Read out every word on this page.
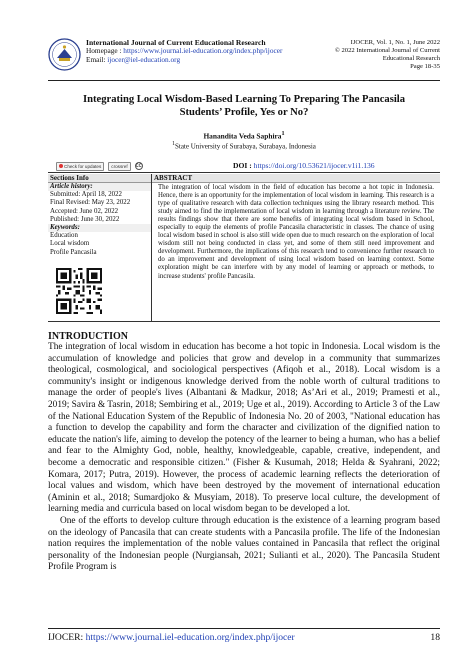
International Journal of Current Educational Research
Homepage : https://www.journal.iel-education.org/index.php/ijocer
Email: ijocer@iel-education.org
IJOCER, Vol. 1, No. 1, June 2022
© 2022 International Journal of Current
Educational Research
Page 18-35
Integrating Local Wisdom-Based Learning To Preparing The Pancasila
Students’ Profile, Yes or No?
Hanandita Veda Saphira$^1$
$^1$State University of Surabaya, Surabaya, Indonesia
Check for updates	crossref	cc	DOI : https://doi.org/10.53621/ijocer.v1i1.136
Sections Info
Article history:
Submitted: April 18, 2022
Final Revised: May 23, 2022
Accepted: June 02, 2022
Published: June 30, 2022
Keywords:
Education
Local wisdom
Profile Pancasila
ABSTRACT
The integration of local wisdom in the field of education has become a hot topic in Indonesia. Hence, there is an opportunity for the implementation of local wisdom in learning. This research is a type of qualitative research with data collection techniques using the library research method. This study aimed to find the implementation of local wisdom in learning through a literature review. The results findings show that there are some benefits of integrating local wisdom based in School, especially to equip the elements of profile Pancasila characteristic in classes. The chance of using local wisdom based in school is also still wide open due to much research on the exploration of local wisdom still not being conducted in class yet, and some of them still need improvement and development. Furthermore, the implications of this research tend to convenience further research to do an improvement and development of using local wisdom based on learning context. Some exploration might be can interfere with by any model of learning or approach or methods, to increase students' profile Pancasila.
INTRODUCTION

The integration of local wisdom in education has become a hot topic in Indonesia. Local wisdom is the accumulation of knowledge and policies that grow and develop in a community that summarizes theological, cosmological, and sociological perspectives (Afiqoh et al., 2018). Local wisdom is a community's insight or indigenous knowledge derived from the noble worth of cultural traditions to manage the order of people's lives (Albantani & Madkur, 2018; As’Ari et al., 2019; Pramesti et al., 2019; Savira & Tasrin, 2018; Sembiring et al., 2019; Uge et al., 2019). According to Article 3 of the Law of the National Education System of the Republic of Indonesia No. 20 of 2003, "National education has a function to develop the capability and form the character and civilization of the dignified nation to educate the nation's life, aiming to develop the potency of the learner to being a human, who has a belief and fear to the Almighty God, noble, healthy, knowledgeable, capable, creative, independent, and become a democratic and responsible citizen." (Fisher & Kusumah, 2018; Helda & Syahrani, 2022; Komara, 2017; Putra, 2019). However, the process of academic learning reflects the deterioration of local values and wisdom, which have been destroyed by the movement of international education (Aminin et al., 2018; Sumardjoko & Musyiam, 2018). To preserve local culture, the development of learning media and curricula based on local wisdom began to be developed a lot.

One of the efforts to develop culture through education is the existence of a learning program based on the ideology of Pancasila that can create students with a Pancasila profile. The life of the Indonesian nation requires the implementation of the noble values contained in Pancasila that reflect the original personality of the Indonesian people (Nurgiansah, 2021; Sulianti et al., 2020). The Pancasila Student Profile Program is

IJOCER: https://www.journal.iel-education.org/index.php/ijocer	18
